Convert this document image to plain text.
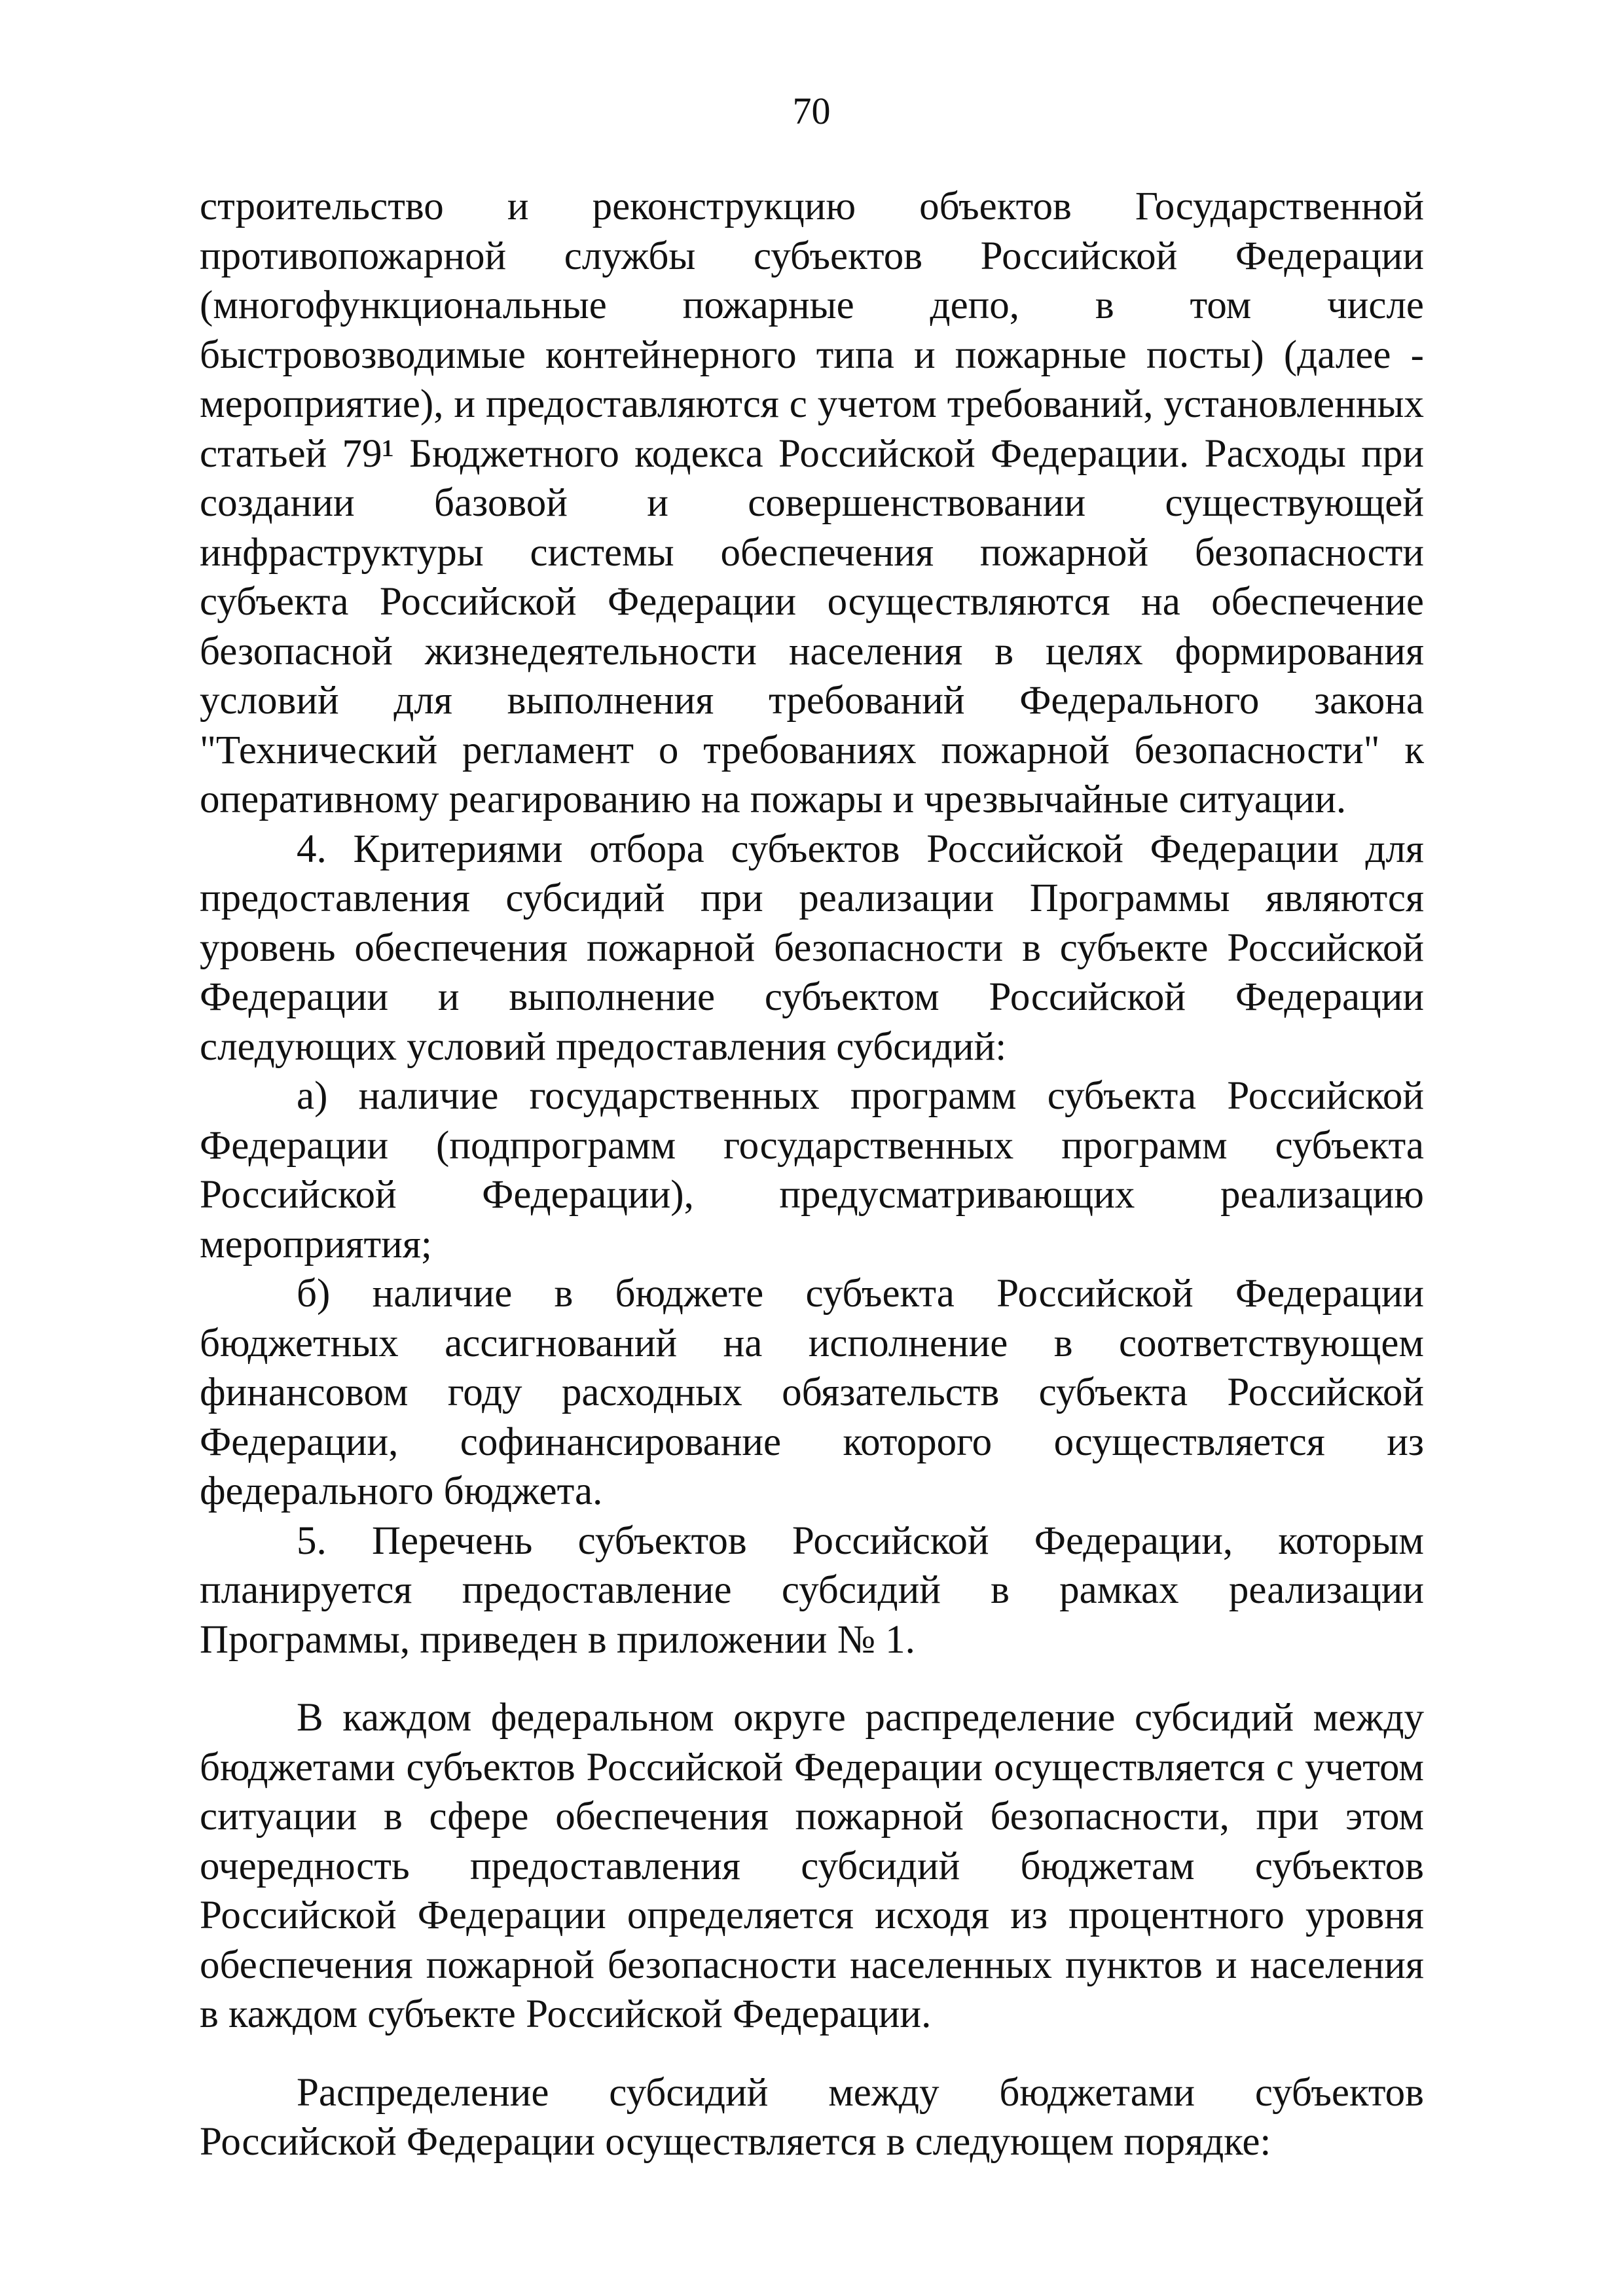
70

строительство и реконструкцию объектов Государственной противопожарной службы субъектов Российской Федерации (многофункциональные пожарные депо, в том числе быстровозводимые контейнерного типа и пожарные посты) (далее - мероприятие), и предоставляются с учетом требований, установленных статьей 79¹ Бюджетного кодекса Российской Федерации. Расходы при создании базовой и совершенствовании существующей инфраструктуры системы обеспечения пожарной безопасности субъекта Российской Федерации осуществляются на обеспечение безопасной жизнедеятельности населения в целях формирования условий для выполнения требований Федерального закона "Технический регламент о требованиях пожарной безопасности" к оперативному реагированию на пожары и чрезвычайные ситуации.

4. Критериями отбора субъектов Российской Федерации для предоставления субсидий при реализации Программы являются уровень обеспечения пожарной безопасности в субъекте Российской Федерации и выполнение субъектом Российской Федерации следующих условий предоставления субсидий:

а) наличие государственных программ субъекта Российской Федерации (подпрограмм государственных программ субъекта Российской Федерации), предусматривающих реализацию мероприятия;

б) наличие в бюджете субъекта Российской Федерации бюджетных ассигнований на исполнение в соответствующем финансовом году расходных обязательств субъекта Российской Федерации, софинансирование которого осуществляется из федерального бюджета.

5. Перечень субъектов Российской Федерации, которым планируется предоставление субсидий в рамках реализации Программы, приведен в приложении № 1.

В каждом федеральном округе распределение субсидий между бюджетами субъектов Российской Федерации осуществляется с учетом ситуации в сфере обеспечения пожарной безопасности, при этом очередность предоставления субсидий бюджетам субъектов Российской Федерации определяется исходя из процентного уровня обеспечения пожарной безопасности населенных пунктов и населения в каждом субъекте Российской Федерации.

Распределение субсидий между бюджетами субъектов Российской Федерации осуществляется в следующем порядке:
